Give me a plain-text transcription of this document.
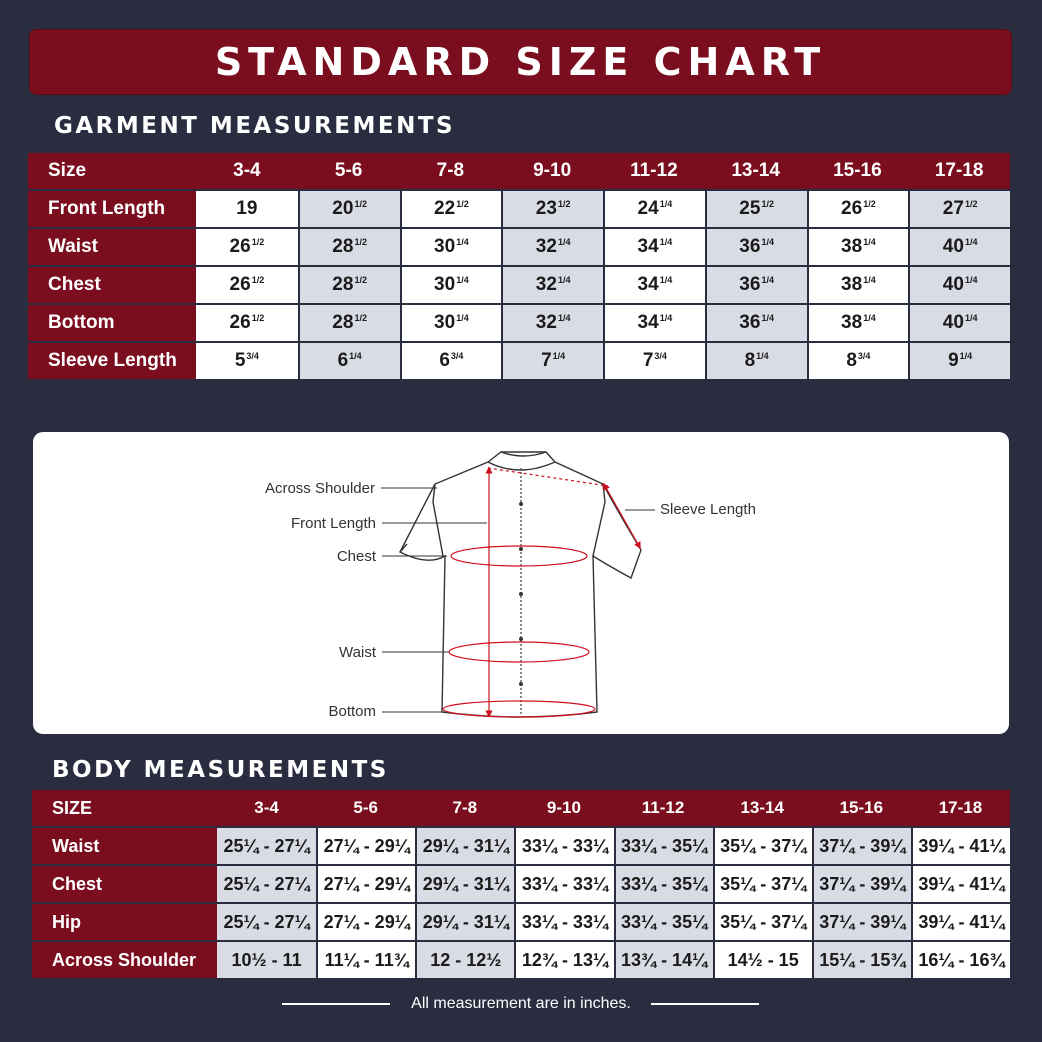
STANDARD SIZE CHART
GARMENT MEASUREMENTS
Size	3-4	5-6	7-8	9-10	11-12	13-14	15-16	17-18
Front Length	19	$20^{1/2}$	$22^{1/2}$	$23^{1/2}$	$24^{1/4}$	$25^{1/2}$	$26^{1/2}$	$27^{1/2}$
Waist	$26^{1/2}$	$28^{1/2}$	$30^{1/4}$	$32^{1/4}$	$34^{1/4}$	$36^{1/4}$	$38^{1/4}$	$40^{1/4}$
Chest	$26^{1/2}$	$28^{1/2}$	$30^{1/4}$	$32^{1/4}$	$34^{1/4}$	$36^{1/4}$	$38^{1/4}$	$40^{1/4}$
Bottom	$26^{1/2}$	$28^{1/2}$	$30^{1/4}$	$32^{1/4}$	$34^{1/4}$	$36^{1/4}$	$38^{1/4}$	$40^{1/4}$
Sleeve Length	$5^{3/4}$	$6^{1/4}$	$6^{3/4}$	$7^{1/4}$	$7^{3/4}$	$8^{1/4}$	$8^{3/4}$	$9^{1/4}$
Across Shoulder
Front Length
Chest
Waist
Bottom
Sleeve Length
BODY MEASUREMENTS
SIZE	3-4	5-6	7-8	9-10	11-12	13-14	15-16	17-18
Waist	25¼ - 27¼	27¼ - 29¼	29¼ - 31¼	33¼ - 33¼	33¼ - 35¼	35¼ - 37¼	37¼ - 39¼	39¼ - 41¼
Chest	25¼ - 27¼	27¼ - 29¼	29¼ - 31¼	33¼ - 33¼	33¼ - 35¼	35¼ - 37¼	37¼ - 39¼	39¼ - 41¼
Hip	25¼ - 27¼	27¼ - 29¼	29¼ - 31¼	33¼ - 33¼	33¼ - 35¼	35¼ - 37¼	37¼ - 39¼	39¼ - 41¼
Across Shoulder	10½ - 11	11¼ - 11¾	12 - 12½	12¾ - 13¼	13¾ - 14¼	14½ - 15	15¼ - 15¾	16¼ - 16¾
All measurement are in inches.
